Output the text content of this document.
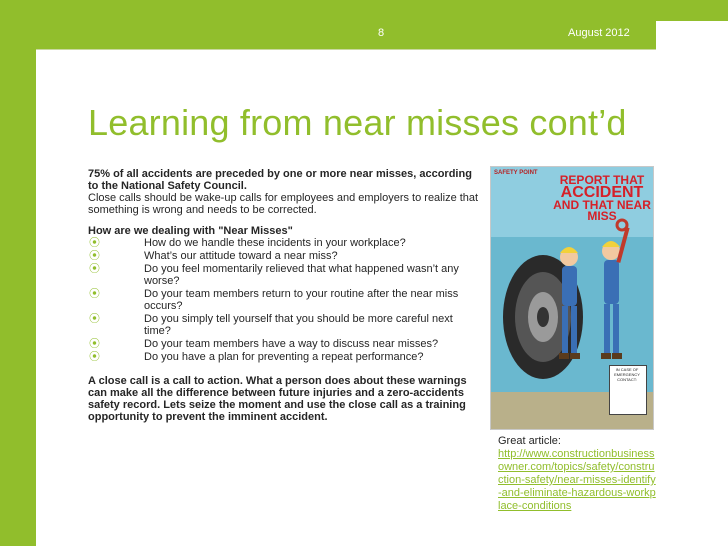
8	August 2012
Learning from near misses cont’d

75% of all accidents are preceded by one or more near misses, according to the National Safety Council.

Close calls should be wake-up calls for employees and employers to realize that something is wrong and needs to be corrected.

How are we dealing with "Near Misses"

⦿	How do we handle these incidents in your workplace?
⦿	What’s our attitude toward a near miss?
⦿	Do you feel momentarily relieved that what happened wasn’t any worse?
⦿	Do your team members return to your routine after the near miss occurs?
⦿	Do you simply tell yourself that you should be more careful next time?
⦿	Do your team members have a way to discuss near misses?
⦿	Do you have a plan for preventing a repeat performance?

A close call is a call to action. What a person does about these warnings can make all the difference between future injuries and a zero-accidents safety record. Lets seize the moment and use the close call as a training opportunity to prevent the imminent accident.

SAFETY POINT	REPORT THAT
ACCIDENT
AND THAT NEAR
MISS
IN CASE OF EMERGENCY CONTACT:
Great article:
http://www.constructionbusinessowner.com/topics/safety/construction-safety/near-misses-identify-and-eliminate-hazardous-workplace-conditions
